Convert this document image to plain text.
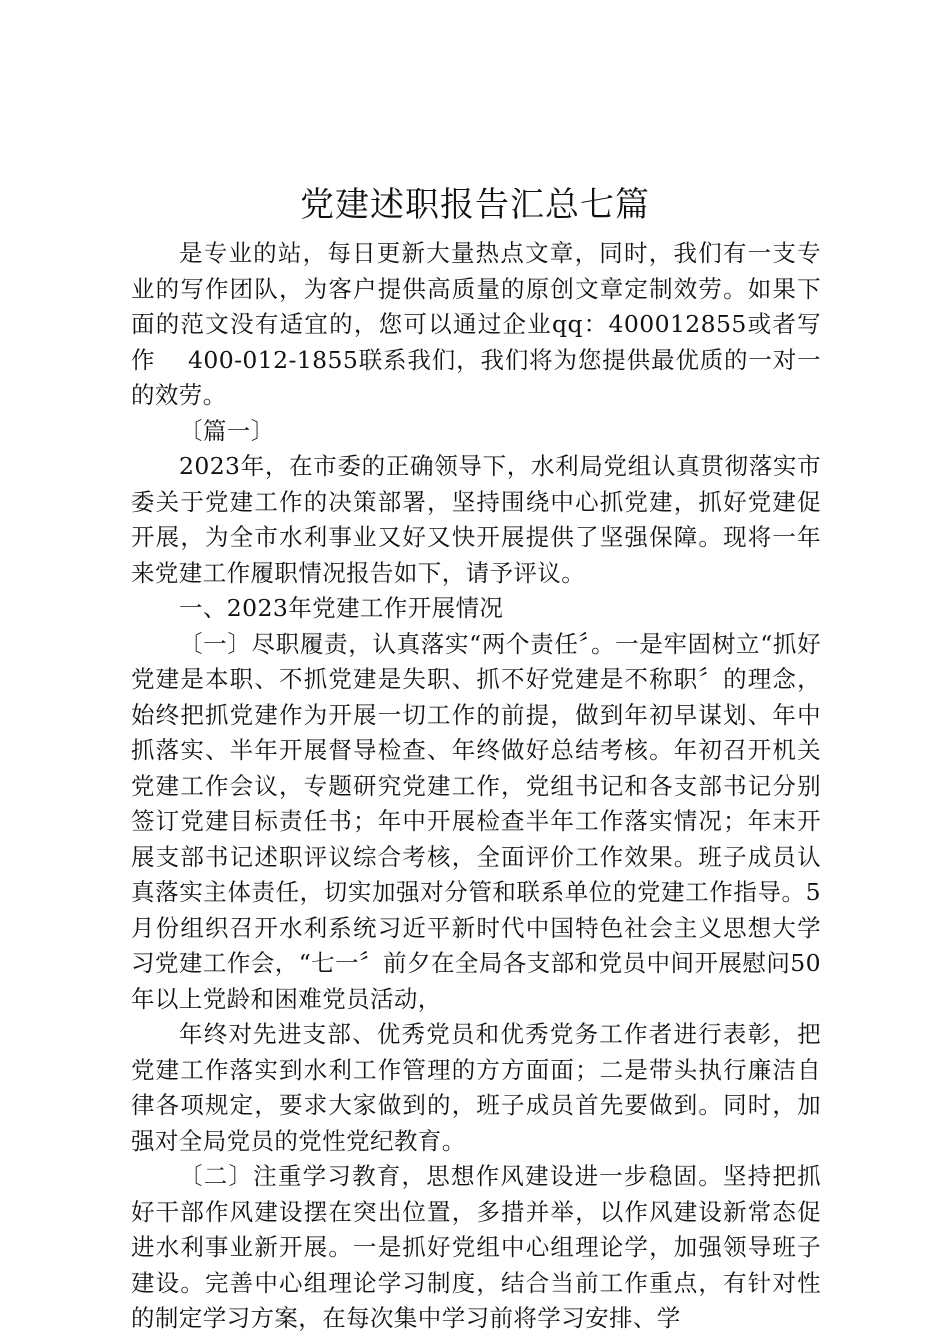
党建述职报告汇总七篇

是专业的站，每日更新大量热点文章，同时，我们有一支专业的写作团队，为客户提供高质量的原创文章定制效劳。如果下面的范文没有适宜的，您可以通过企业qq：400012855或者写作　 400-012-1855联系我们，我们将为您提供最优质的一对一的效劳。

〔篇一〕

2023年，在市委的正确领导下，水利局党组认真贯彻落实市委关于党建工作的决策部署，坚持围绕中心抓党建，抓好党建促开展，为全市水利事业又好又快开展提供了坚强保障。现将一年来党建工作履职情况报告如下，请予评议。

一、2023年党建工作开展情况

〔一〕尽职履责，认真落实“两个责任〞。一是牢固树立“抓好党建是本职、不抓党建是失职、抓不好党建是不称职〞的理念，始终把抓党建作为开展一切工作的前提，做到年初早谋划、年中抓落实、半年开展督导检查、年终做好总结考核。年初召开机关党建工作会议，专题研究党建工作，党组书记和各支部书记分别签订党建目标责任书；年中开展检查半年工作落实情况；年末开展支部书记述职评议综合考核，全面评价工作效果。班子成员认真落实主体责任，切实加强对分管和联系单位的党建工作指导。5月份组织召开水利系统习近平新时代中国特色社会主义思想大学习党建工作会，“七一〞前夕在全局各支部和党员中间开展慰问50年以上党龄和困难党员活动，

年终对先进支部、优秀党员和优秀党务工作者进行表彰，把党建工作落实到水利工作管理的方方面面；二是带头执行廉洁自律各项规定，要求大家做到的，班子成员首先要做到。同时，加强对全局党员的党性党纪教育。

〔二〕注重学习教育，思想作风建设进一步稳固。坚持把抓好干部作风建设摆在突出位置，多措并举，以作风建设新常态促进水利事业新开展。一是抓好党组中心组理论学，加强领导班子建设。完善中心组理论学习制度，结合当前工作重点，有针对性的制定学习方案，在每次集中学习前将学习安排、学
